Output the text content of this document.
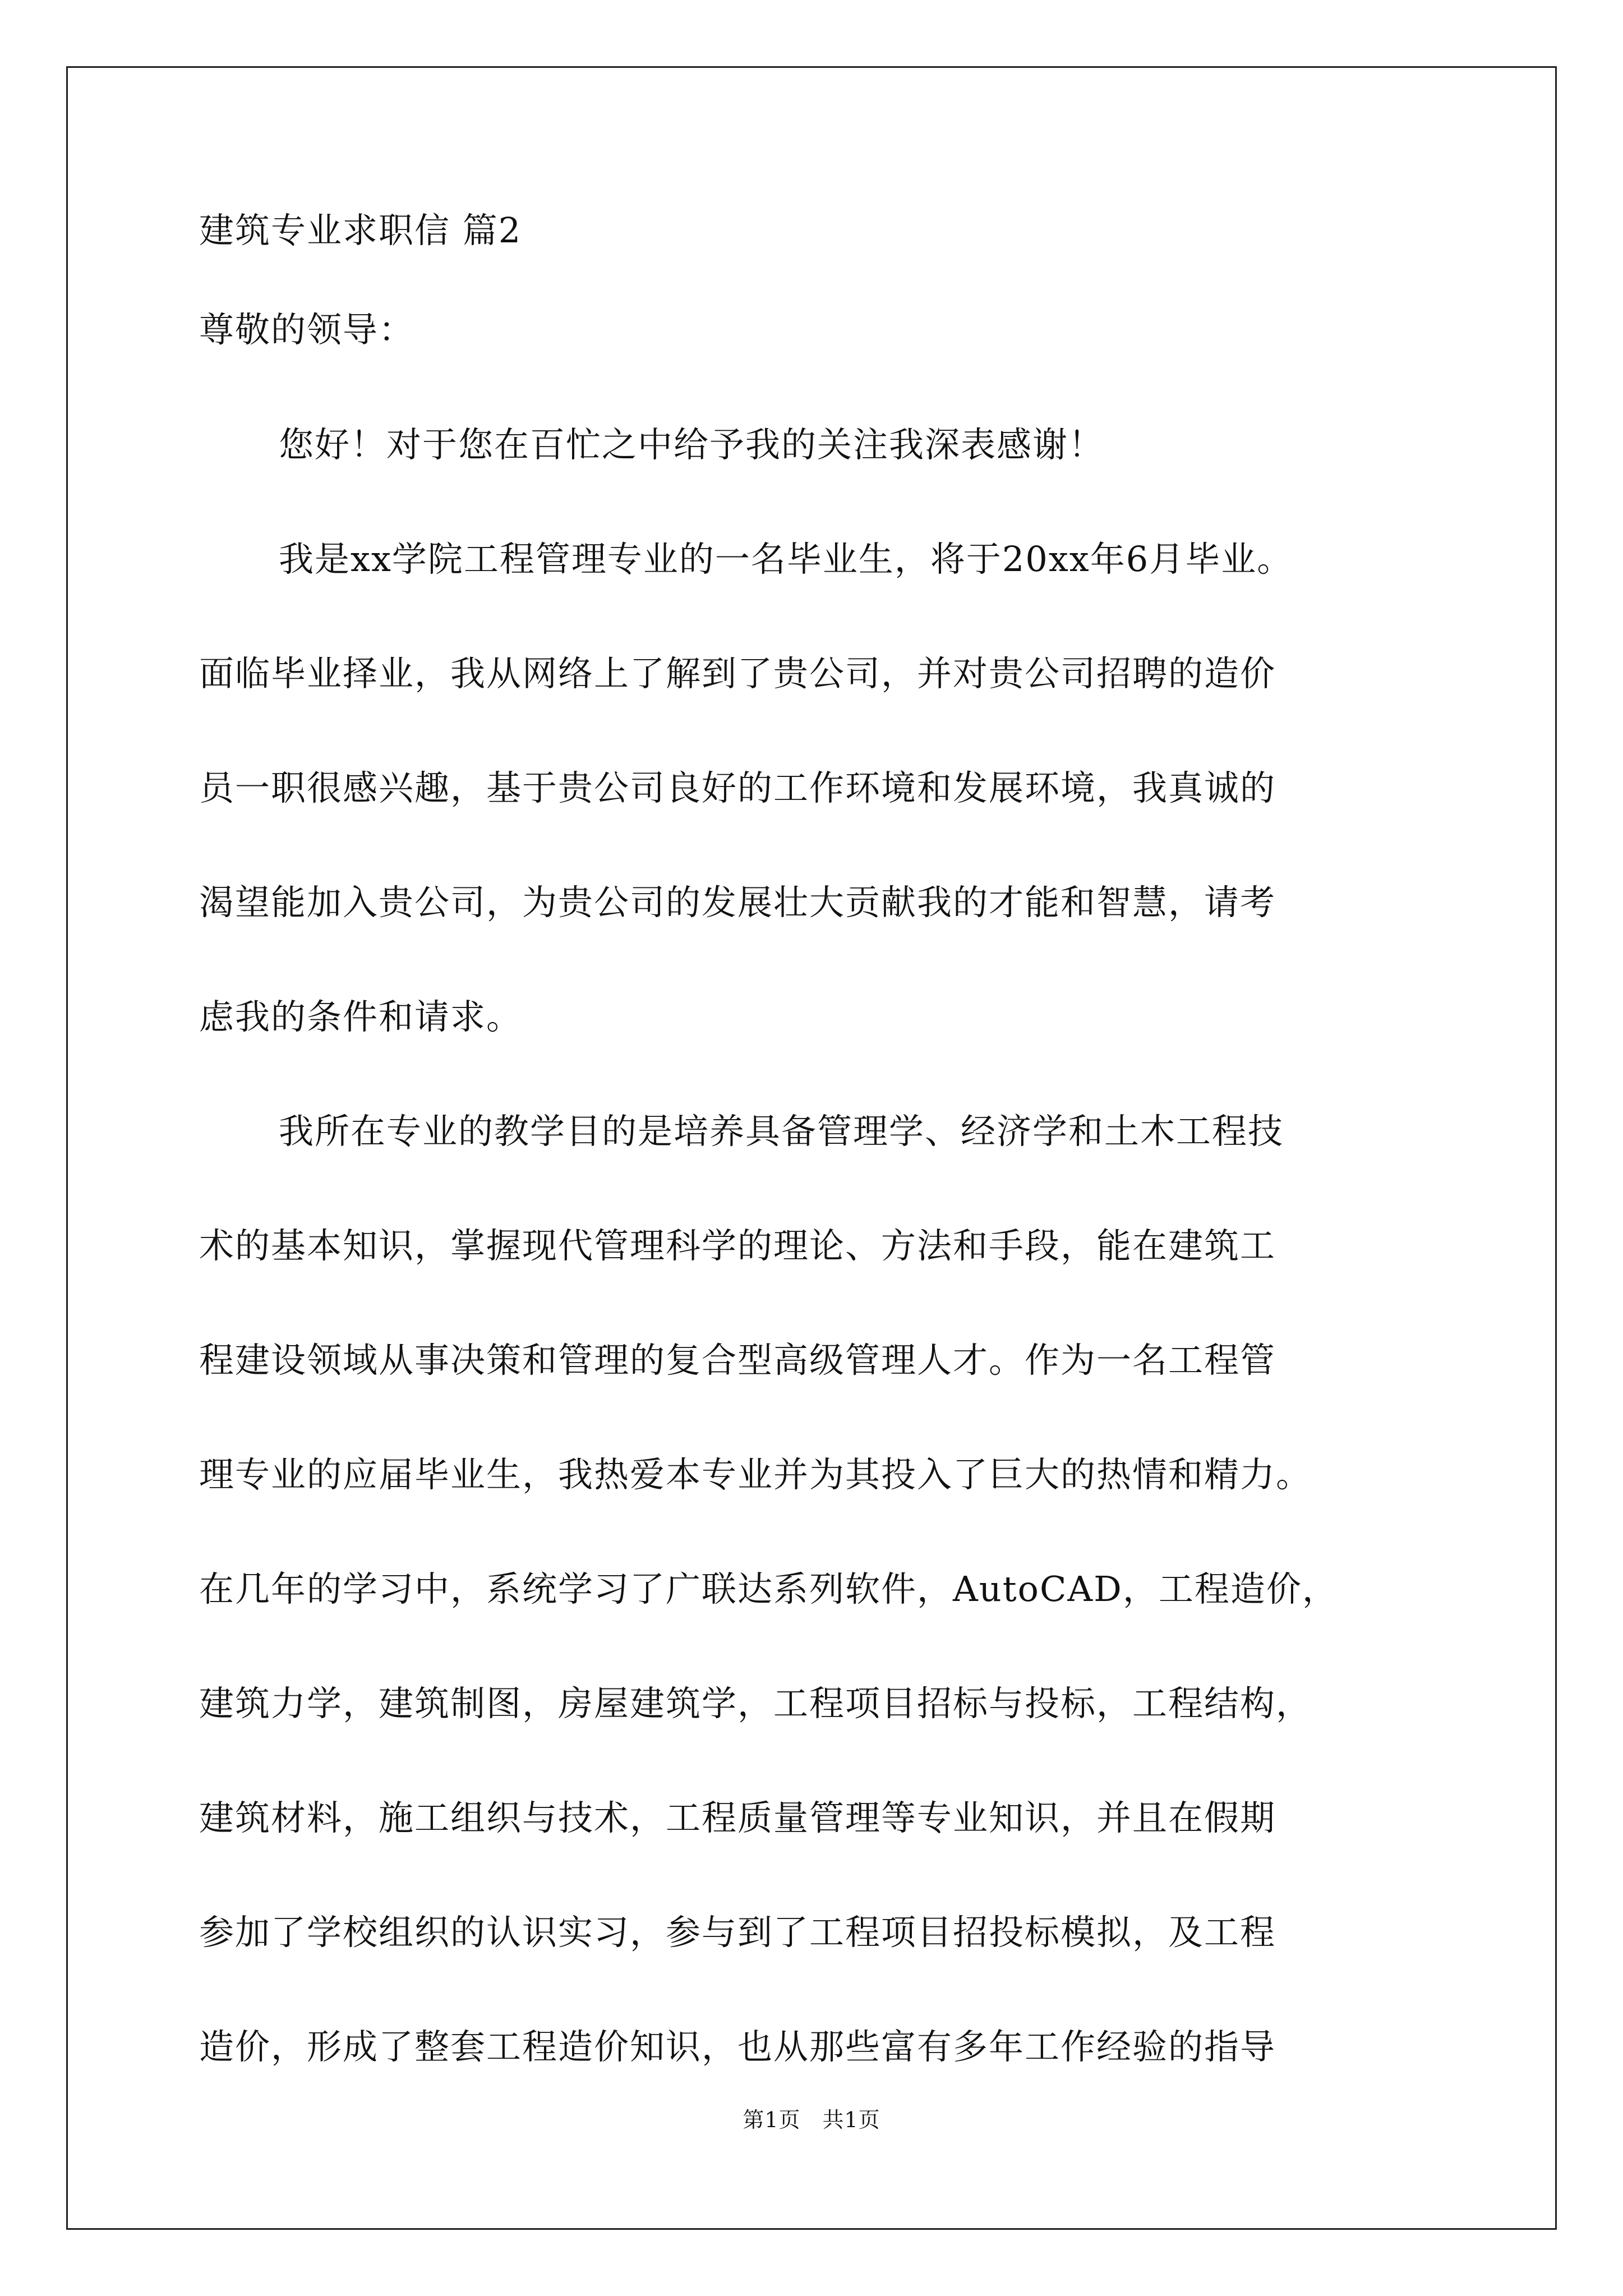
建筑专业求职信 篇2

尊敬的领导：

您好！对于您在百忙之中给予我的关注我深表感谢！

我是xx学院工程管理专业的一名毕业生，将于20xx年6月毕业。

面临毕业择业，我从网络上了解到了贵公司，并对贵公司招聘的造价

员一职很感兴趣，基于贵公司良好的工作环境和发展环境，我真诚的

渴望能加入贵公司，为贵公司的发展壮大贡献我的才能和智慧，请考

虑我的条件和请求。

我所在专业的教学目的是培养具备管理学、经济学和土木工程技

术的基本知识，掌握现代管理科学的理论、方法和手段，能在建筑工

程建设领域从事决策和管理的复合型高级管理人才。作为一名工程管

理专业的应届毕业生，我热爱本专业并为其投入了巨大的热情和精力。

在几年的学习中，系统学习了广联达系列软件，AutoCAD，工程造价，

建筑力学，建筑制图，房屋建筑学，工程项目招标与投标，工程结构，

建筑材料，施工组织与技术，工程质量管理等专业知识，并且在假期

参加了学校组织的认识实习，参与到了工程项目招投标模拟，及工程

造价，形成了整套工程造价知识，也从那些富有多年工作经验的指导

第1页　共1页
